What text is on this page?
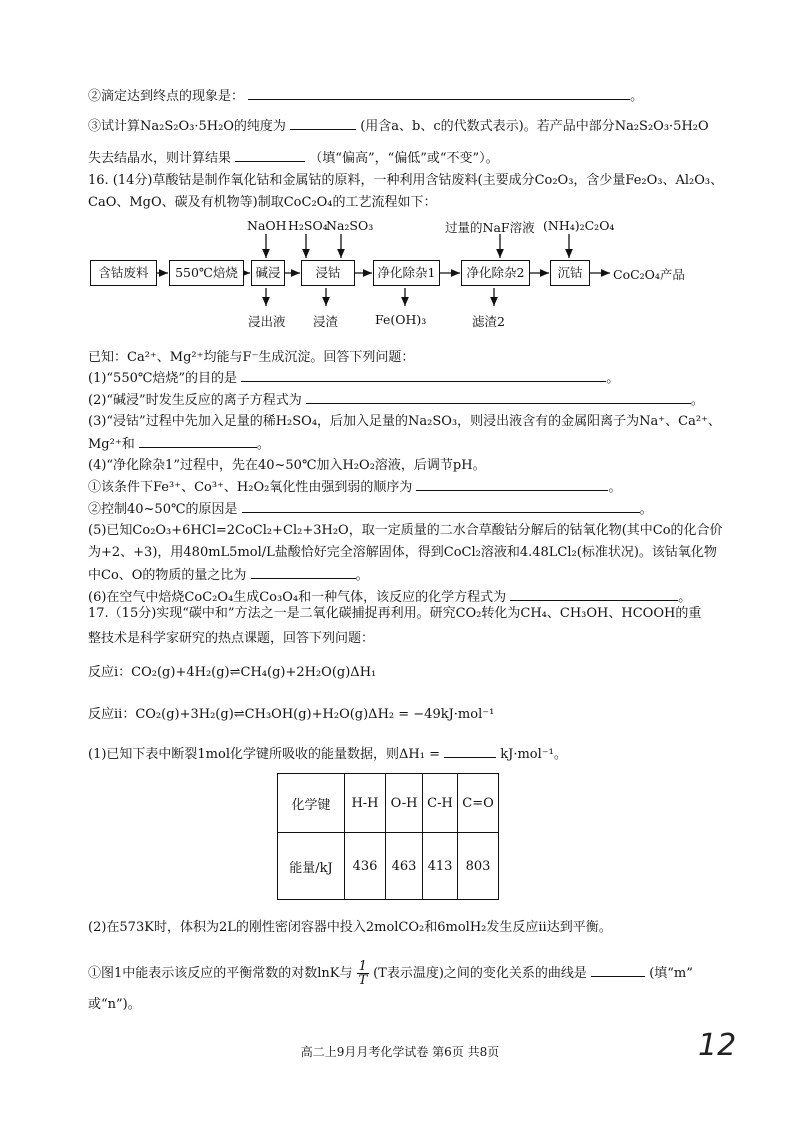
②滴定达到终点的现象是：	。
③试计算Na₂S₂O₃·5H₂O的纯度为	(用含a、b、c的代数式表示)。若产品中部分Na₂S₂O₃·5H₂O
失去结晶水，则计算结果	（填“偏高”，“偏低”或“不变”）。
16. (14分)草酸钴是制作氧化钴和金属钴的原料，一种利用含钴废料(主要成分Co₂O₃，含少量Fe₂O₃、Al₂O₃、
CaO、MgO、碳及有机物等)制取CoC₂O₄的工艺流程如下：
含钴废料	550℃焙烧	碱浸	浸钴	净化除杂1	净化除杂2	沉钴	CoC₂O₄产品
NaOH H₂SO₄
Na₂SO₃	过量的NaF溶液 (NH₄)₂C₂O₄
浸出液 浸渣	Fe(OH)₃	滤渣2
已知：Ca²⁺、Mg²⁺均能与F⁻生成沉淀。回答下列问题：
(1)“550℃焙烧”的目的是	。
(2)“碱浸”时发生反应的离子方程式为	。
(3)“浸钴”过程中先加入足量的稀H₂SO₄，后加入足量的Na₂SO₃，则浸出液含有的金属阳离子为Na⁺、Ca²⁺、
Mg²⁺和	。
(4)“净化除杂1”过程中，先在40~50℃加入H₂O₂溶液，后调节pH。
①该条件下Fe³⁺、Co³⁺、H₂O₂氧化性由强到弱的顺序为	。
②控制40~50℃的原因是	。
(5)已知Co₂O₃+6HCl=2CoCl₂+Cl₂+3H₂O，取一定质量的二水合草酸钴分解后的钴氧化物(其中Co的化合价
为+2、+3)，用480mL5mol/L盐酸恰好完全溶解固体，得到CoCl₂溶液和4.48LCl₂(标准状况)。该钴氧化物
中Co、O的物质的量之比为	。
(6)在空气中焙烧CoC₂O₄生成Co₃O₄和一种气体，该反应的化学方程式为	。
17.（15分)实现“碳中和”方法之一是二氧化碳捕捉再利用。研究CO₂转化为CH₄、CH₃OH、HCOOH的重
整技术是科学家研究的热点课题，回答下列问题：
反应i：CO₂(g)+4H₂(g)⇌CH₄(g)+2H₂O(g)ΔH₁
反应ii：CO₂(g)+3H₂(g)⇌CH₃OH(g)+H₂O(g)ΔH₂ = −49kJ·mol⁻¹
(1)已知下表中断裂1mol化学键所吸收的能量数据，则ΔH₁ =	kJ·mol⁻¹。
化学键	H-H	O-H	C-H	C=O
能量/kJ	436	463	413	803
(2)在573K时，体积为2L的刚性密闭容器中投入2molCO₂和6molH₂发生反应ii达到平衡。
①图1中能表示该反应的平衡常数的对数lnK与 $\frac{1}{T} (T$表示温度)之间的变化关系的曲线是	(填“m”
或“n”)。
高二上9月月考化学试卷 第6页 共8页	12
